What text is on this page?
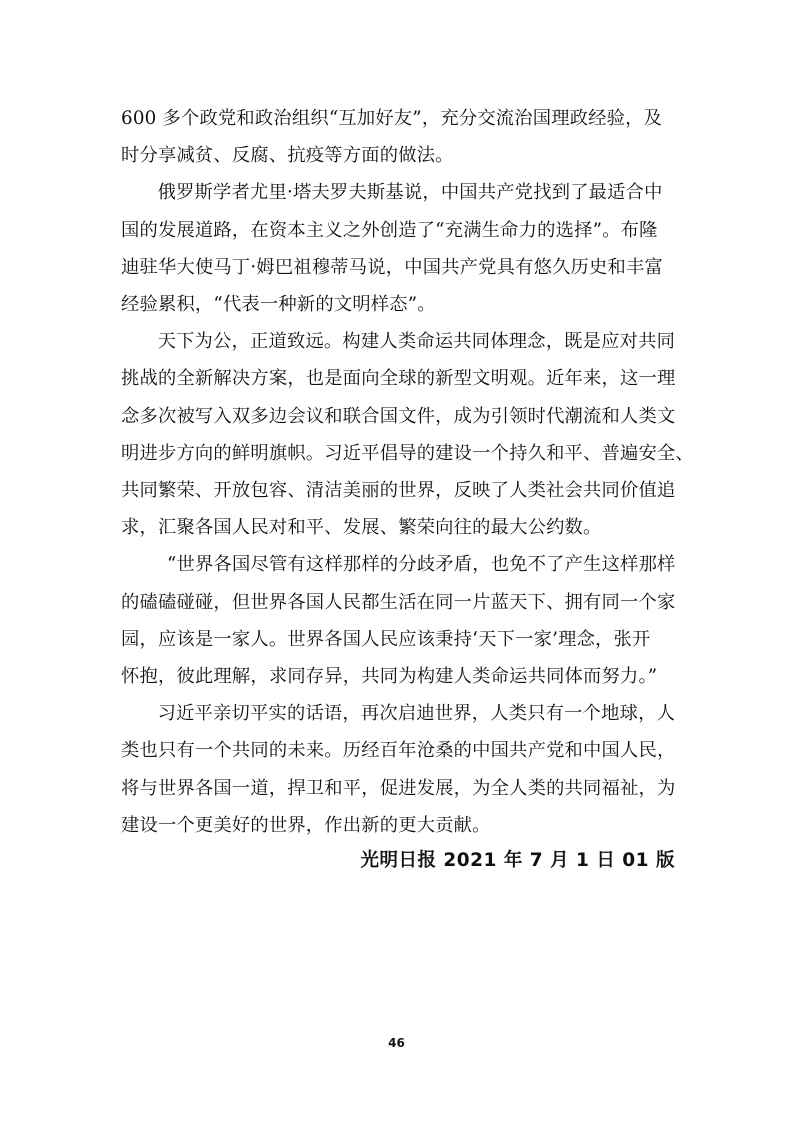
600 多个政党和政治组织“互加好友”，充分交流治国理政经验，及
时分享减贫、反腐、抗疫等方面的做法。

俄罗斯学者尤里·塔夫罗夫斯基说，中国共产党找到了最适合中
国的发展道路，在资本主义之外创造了“充满生命力的选择”。布隆
迪驻华大使马丁·姆巴祖穆蒂马说，中国共产党具有悠久历史和丰富
经验累积，“代表一种新的文明样态”。

天下为公，正道致远。构建人类命运共同体理念，既是应对共同
挑战的全新解决方案，也是面向全球的新型文明观。近年来，这一理
念多次被写入双多边会议和联合国文件，成为引领时代潮流和人类文
明进步方向的鲜明旗帜。习近平倡导的建设一个持久和平、普遍安全、
共同繁荣、开放包容、清洁美丽的世界，反映了人类社会共同价值追
求，汇聚各国人民对和平、发展、繁荣向往的最大公约数。

“世界各国尽管有这样那样的分歧矛盾，也免不了产生这样那样
的磕磕碰碰，但世界各国人民都生活在同一片蓝天下、拥有同一个家
园，应该是一家人。世界各国人民应该秉持‘天下一家’理念，张开
怀抱，彼此理解，求同存异，共同为构建人类命运共同体而努力。”

习近平亲切平实的话语，再次启迪世界，人类只有一个地球，人
类也只有一个共同的未来。历经百年沧桑的中国共产党和中国人民，
将与世界各国一道，捍卫和平，促进发展，为全人类的共同福祉，为
建设一个更美好的世界，作出新的更大贡献。

光明日报 2021 年 7 月 1 日 01 版
46
